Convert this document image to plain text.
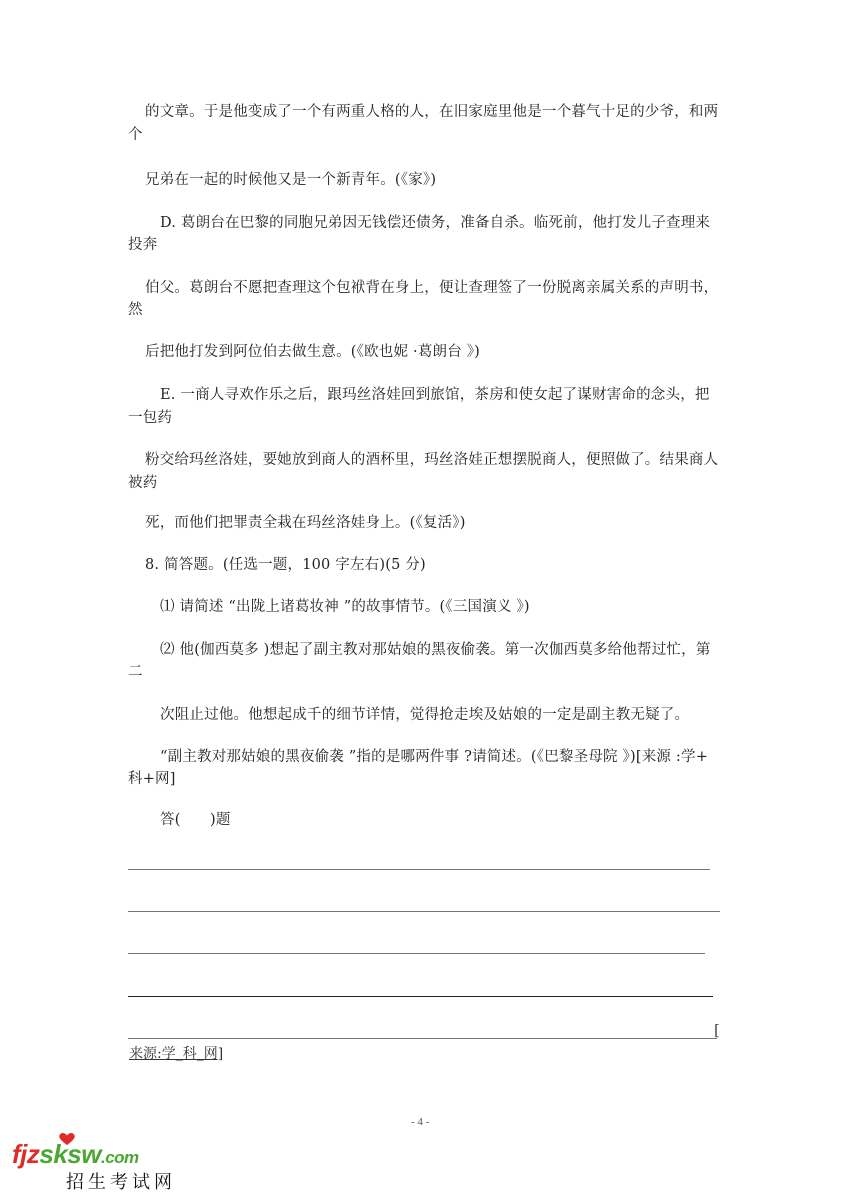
的文章。于是他变成了一个有两重人格的人，在旧家庭里他是一个暮气十足的少爷，和两
个
兄弟在一起的时候他又是一个新青年。(《家》)
D. 葛朗台在巴黎的同胞兄弟因无钱偿还债务，准备自杀。临死前，他打发儿子查理来
投奔
伯父。葛朗台不愿把查理这个包袱背在身上，便让查理签了一份脱离亲属关系的声明书，
然
后把他打发到阿位伯去做生意。(《欧也妮 ·葛朗台 》)
E. 一商人寻欢作乐之后，跟玛丝洛娃回到旅馆，茶房和使女起了谋财害命的念头，把
一包药
粉交给玛丝洛娃，要她放到商人的酒杯里，玛丝洛娃正想摆脱商人，便照做了。结果商人
被药
死，而他们把罪责全栽在玛丝洛娃身上。(《复活》)
8. 简答题。(任选一题，100 字左右)(5 分)
⑴ 请简述 “出陇上诸葛妆神 ”的故事情节。(《三国演义 》)
⑵ 他(伽西莫多 )想起了副主教对那姑娘的黑夜偷袭。第一次伽西莫多给他帮过忙，第
二
次阻止过他。他想起成千的细节详情，觉得抢走埃及姑娘的一定是副主教无疑了。
“副主教对那姑娘的黑夜偷袭 ”指的是哪两件事 ?请简述。(《巴黎圣母院 》)[来源 :学+
科+网]
答(　　)题
[
来源:学_科_网]
- 4 -
fjzsksw.com
招生考试网
